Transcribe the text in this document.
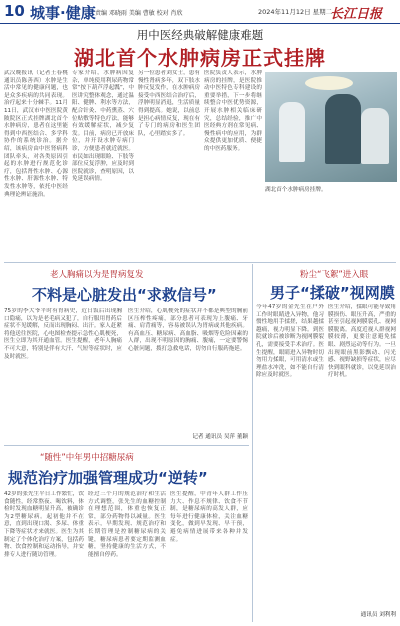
10 城事·健康 责编 邓晓雨 美编 曹敏 校对 肖欣	2024年11月12日 星期二
长江日报
用中医经典破解健康难题
湖北首个水肿病房正式挂牌
武汉晚报讯（记者王春桃 通讯员陈善西）水肿是生活中常见的健康问题，也是众多疾病的共同表现。治疗起来十分棘手。11月11日，武汉市中医医院黄陂院区正式挂牌湖北首个水肿病房，患者在这里能得到中西医结合、多学科协作的系统诊治。据介绍，该病房由中医肾病科团队牵头，对各类原因引起的水肿进行规范化诊疗，包括肾性水肿、心源性水肿、肝源性水肿、特发性水肿等，依托中医经典理论辨证施治。
专家介绍，水肿病因复杂，单纯使用利尿药物常常“按下葫芦浮起瓢”，中医讲究整体观念，通过温阳、健脾、利水等方法，配合针灸、中药熏蒸、穴位贴敷等特色疗法，能够有效缓解症状，减少复发。目前，病房已开放床位，并开设水肿专病门诊，方便患者就近就医。市民如出现眼睑、下肢等部位反复浮肿，应及时到医院就诊，查明原因，以免延误病情。
另一位患者刘女士，患有慢性肾病多年，双下肢水肿反复发作，在水肿病房接受中西医结合治疗后，浮肿明显消退，生活质量得到提高。她说，以前总是担心病情反复，现在有了专门的病房和医生团队，心里踏实多了。
医院负责人表示，水肿病房的挂牌，是医院推动中医特色专科建设的重要举措，下一步将继续整合中医优势资源，开展水肿相关临床研究，总结经验，推广中医经典方剂在常见病、慢性病中的应用，为群众提供更加优质、便捷的中医药服务。
湖北首个水肿病房挂牌。
老人胸痛以为是胃病复发
不料是心脏发出“求救信号”
75岁的李大爷平时有胃病史，近日饭后出现胸口隐痛，以为是老毛病又犯了，自行服用胃药后症状不见缓解，反而出现胸闷、出汗。家人赶紧将他送往医院，心电图检查提示急性心肌梗死，医生立即为其开通血管。医生提醒，老年人胸痛不可大意，特别是伴有大汗、气短等症状时，应及时就医。
医生介绍，心肌梗死的症状并不都是典型的胸前区压榨性疼痛，部分患者可表现为上腹痛、牙痛、肩背痛等，容易被误认为胃病或其他疾病。有高血压、糖尿病、高血脂、吸烟等危险因素的人群，出现不明原因的胸痛、腹痛，一定要警惕心脏问题，拨打急救电话，切勿自行服药拖延。
记者 通讯员 吴萍 董颖
“随性”中年男中招糖尿病
规范治疗加强管理成功“逆转”
42岁的张先生平日工作繁忙，饮食随性，经常熬夜、喝饮料，体检时发现血糖明显升高，被确诊为2型糖尿病。起初他并不在意，直到出现口渴、多尿、体重下降等症状才来就医。医生为其制定了个体化治疗方案，包括药物、饮食控制和运动指导，并安排专人进行随访管理。
经过三个月的规范治疗和生活方式调整，张先生的血糖控制在理想范围，体重也恢复正常，部分药物得以减量。医生表示，早期发现、规范治疗和长期管理是控制糖尿病的关键，糖尿病患者要定期监测血糖，坚持健康的生活方式，不能擅自停药。
医生提醒，中青年人群工作压力大、作息不规律、饮食不节制，是糖尿病的高发人群，应每年进行健康体检，关注血糖变化，做到早发现、早干预，避免病情进展带来各种并发症。
粉尘“飞絮”进入眼
男子“揉破”视网膜
今年47岁的金先生在户外工作时眼睛进入异物，他习惯性地用手揉搓，结果越揉越痛，视力明显下降。到医院就诊后被诊断为视网膜裂孔，需要接受手术治疗。医生提醒，眼睛进入异物时切勿用力揉眼，可用清水或生理盐水冲洗，如不能自行清除应及时就医。
医生介绍，揉眼可能导致角膜损伤、眼压升高，严重的甚至引起视网膜裂孔、视网膜脱离。高度近视人群视网膜较薄，更要注意避免揉眼、剧烈运动等行为。一旦出现眼前黑影飘动、闪光感、视野缺损等症状，应尽快到眼科就诊，以免延误治疗时机。
通讯员 刘利利
